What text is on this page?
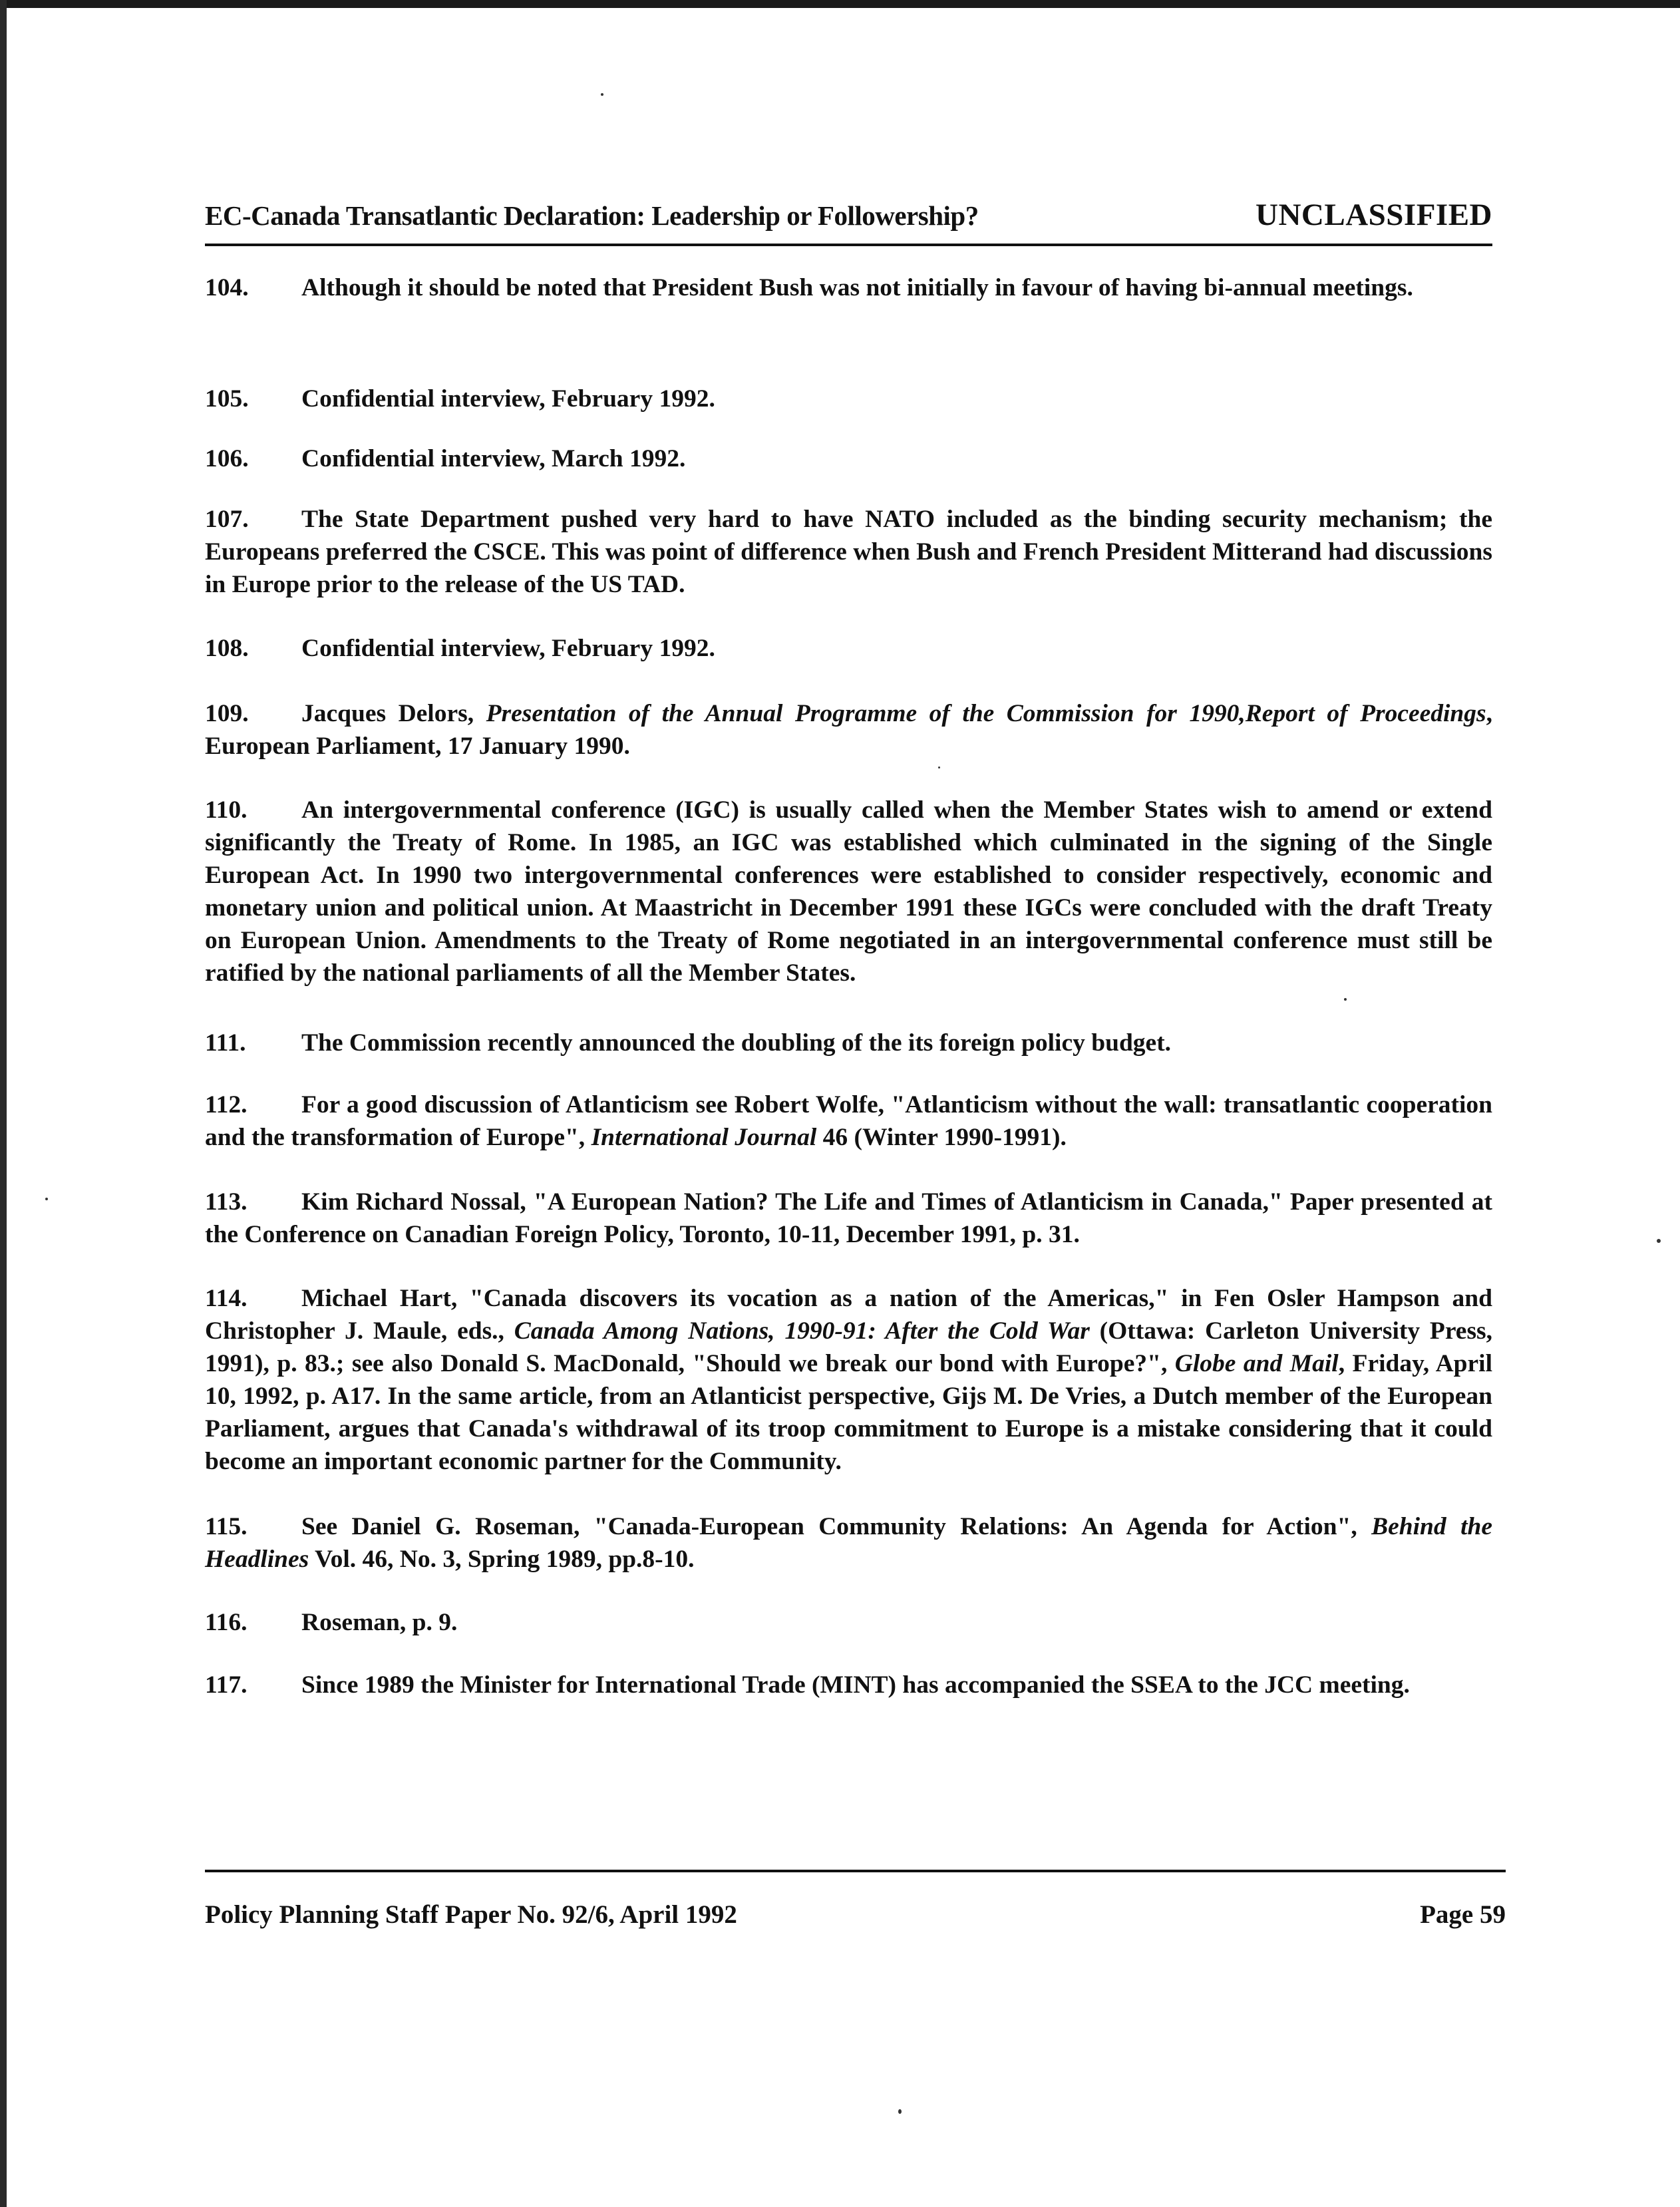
EC-Canada Transatlantic Declaration: Leadership or Followership?	UNCLASSIFIED
104. Although it should be noted that President Bush was not initially in favour of having bi-annual meetings.
105. Confidential interview, February 1992.
106. Confidential interview, March 1992.
107. The State Department pushed very hard to have NATO included as the binding security mechanism; the Europeans preferred the CSCE. This was point of difference when Bush and French President Mitterand had discussions in Europe prior to the release of the US TAD.
108. Confidential interview, February 1992.
109. Jacques Delors, Presentation of the Annual Programme of the Commission for 1990,Report of Proceedings, European Parliament, 17 January 1990.
110. An intergovernmental conference (IGC) is usually called when the Member States wish to amend or extend significantly the Treaty of Rome. In 1985, an IGC was established which culminated in the signing of the Single European Act. In 1990 two intergovernmental conferences were established to consider respectively, economic and monetary union and political union. At Maastricht in December 1991 these IGCs were concluded with the draft Treaty on European Union. Amendments to the Treaty of Rome negotiated in an intergovernmental conference must still be ratified by the national parliaments of all the Member States.
111. The Commission recently announced the doubling of the its foreign policy budget.
112. For a good discussion of Atlanticism see Robert Wolfe, "Atlanticism without the wall: transatlantic cooperation and the transformation of Europe", International Journal 46 (Winter 1990-1991).
113. Kim Richard Nossal, "A European Nation? The Life and Times of Atlanticism in Canada," Paper presented at the Conference on Canadian Foreign Policy, Toronto, 10-11, December 1991, p. 31.
114. Michael Hart, "Canada discovers its vocation as a nation of the Americas," in Fen Osler Hampson and Christopher J. Maule, eds., Canada Among Nations, 1990-91: After the Cold War (Ottawa: Carleton University Press, 1991), p. 83.; see also Donald S. MacDonald, "Should we break our bond with Europe?", Globe and Mail, Friday, April 10, 1992, p. A17. In the same article, from an Atlanticist perspective, Gijs M. De Vries, a Dutch member of the European Parliament, argues that Canada's withdrawal of its troop commitment to Europe is a mistake considering that it could become an important economic partner for the Community.
115. See Daniel G. Roseman, "Canada-European Community Relations: An Agenda for Action", Behind the Headlines Vol. 46, No. 3, Spring 1989, pp.8-10.
116. Roseman, p. 9.
117. Since 1989 the Minister for International Trade (MINT) has accompanied the SSEA to the JCC meeting.
Policy Planning Staff Paper No. 92/6, April 1992	Page 59
